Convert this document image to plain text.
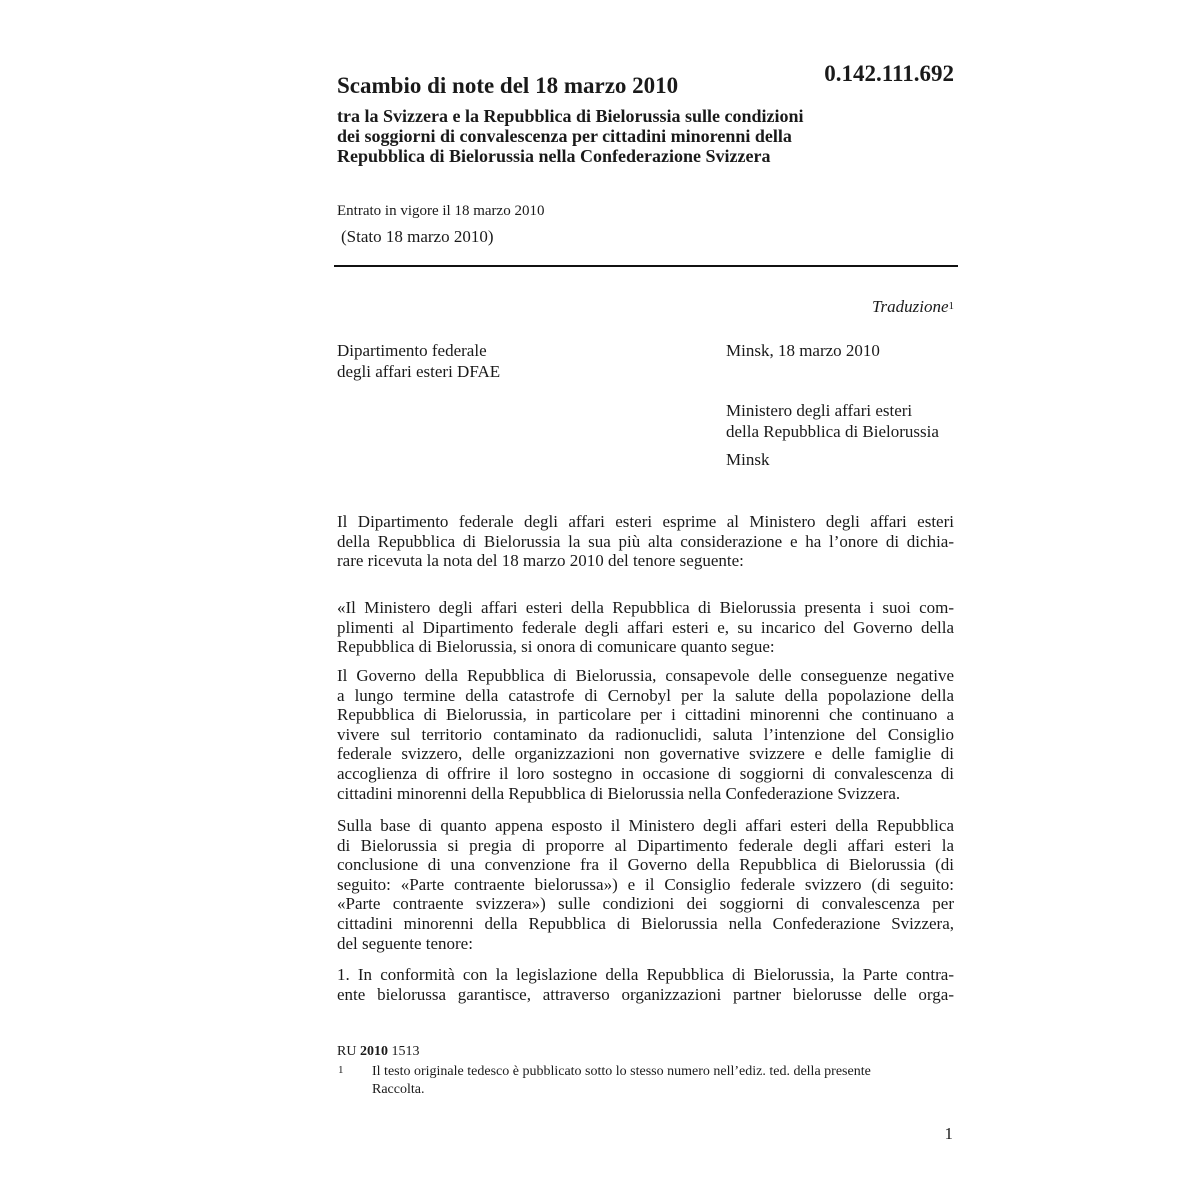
Scambio di note del 18 marzo 2010	0.142.111.692
tra la Svizzera e la Repubblica di Bielorussia sulle condizioni
dei soggiorni di convalescenza per cittadini minorenni della
Repubblica di Bielorussia nella Confederazione Svizzera
Entrato in vigore il 18 marzo 2010
(Stato 18 marzo 2010)
Traduzione$^1$
Dipartimento federale
degli affari esteri DFAE
Minsk, 18 marzo 2010
Ministero degli affari esteri
della Repubblica di Bielorussia
Minsk
Il Dipartimento federale degli affari esteri esprime al Ministero degli affari esteri
della Repubblica di Bielorussia la sua più alta considerazione e ha l’onore di dichia-
rare ricevuta la nota del 18 marzo 2010 del tenore seguente:
«Il Ministero degli affari esteri della Repubblica di Bielorussia presenta i suoi com-
plimenti al Dipartimento federale degli affari esteri e, su incarico del Governo della
Repubblica di Bielorussia, si onora di comunicare quanto segue:
Il Governo della Repubblica di Bielorussia, consapevole delle conseguenze negative
a lungo termine della catastrofe di Cernobyl per la salute della popolazione della
Repubblica di Bielorussia, in particolare per i cittadini minorenni che continuano a
vivere sul territorio contaminato da radionuclidi, saluta l’intenzione del Consiglio
federale svizzero, delle organizzazioni non governative svizzere e delle famiglie di
accoglienza di offrire il loro sostegno in occasione di soggiorni di convalescenza di
cittadini minorenni della Repubblica di Bielorussia nella Confederazione Svizzera.
Sulla base di quanto appena esposto il Ministero degli affari esteri della Repubblica
di Bielorussia si pregia di proporre al Dipartimento federale degli affari esteri la
conclusione di una convenzione fra il Governo della Repubblica di Bielorussia (di
seguito: «Parte contraente bielorussa») e il Consiglio federale svizzero (di seguito:
«Parte contraente svizzera») sulle condizioni dei soggiorni di convalescenza per
cittadini minorenni della Repubblica di Bielorussia nella Confederazione Svizzera,
del seguente tenore:
1. In conformità con la legislazione della Repubblica di Bielorussia, la Parte contra-
ente bielorussa garantisce, attraverso organizzazioni partner bielorusse delle orga-
RU 2010 1513
1 Il testo originale tedesco è pubblicato sotto lo stesso numero nell’ediz. ted. della presente
Raccolta.
1
